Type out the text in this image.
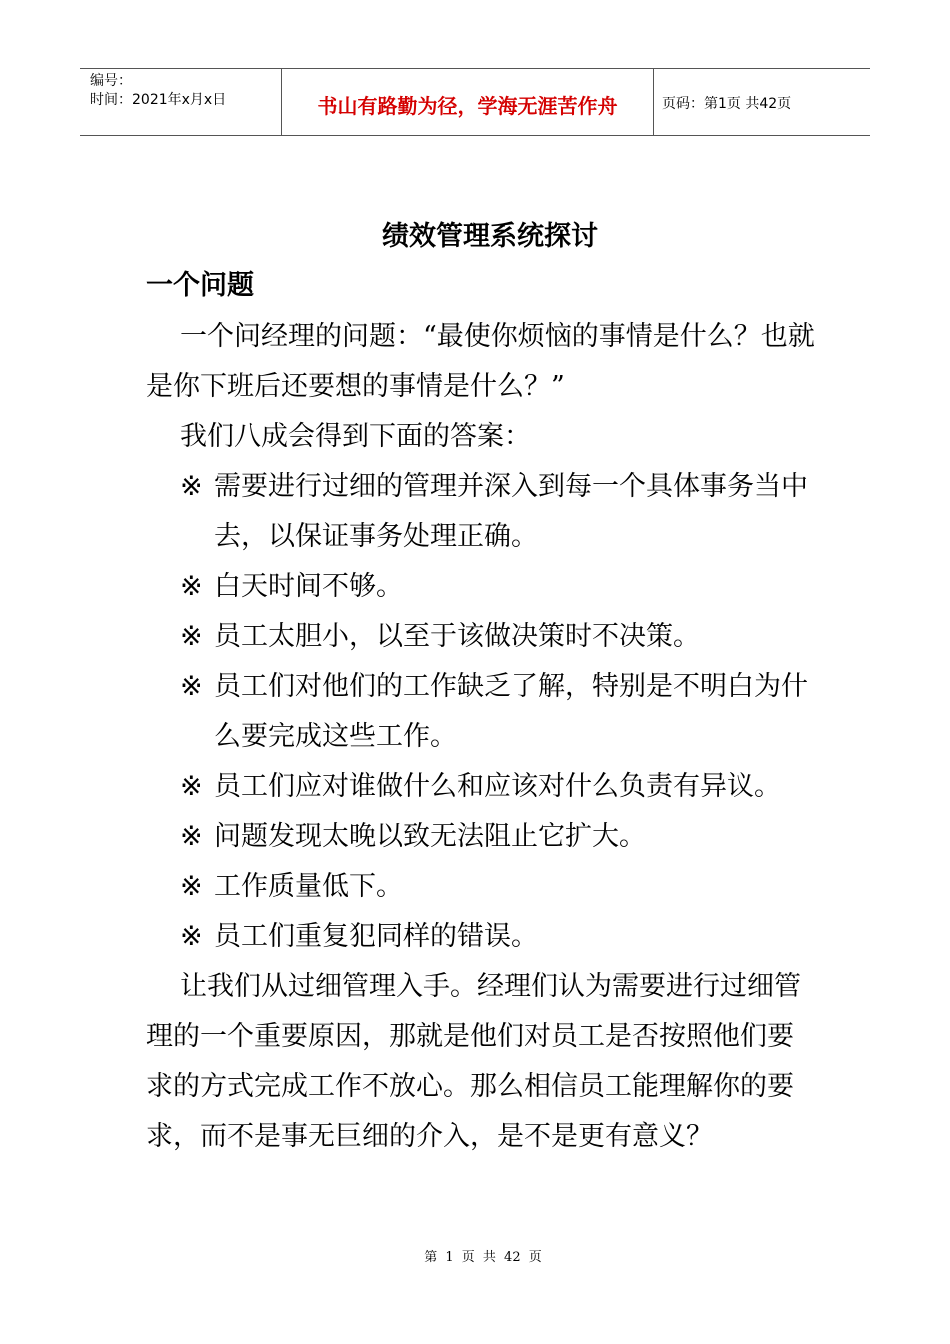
编号：
时间：2021年x月x日	书山有路勤为径，学海无涯苦作舟	页码：第1页 共42页
绩效管理系统探讨
一个问题

一个问经理的问题：“最使你烦恼的事情是什么？也就是你下班后还要想的事情是什么？”

我们八成会得到下面的答案：

※ 需要进行过细的管理并深入到每一个具体事务当中去，以保证事务处理正确。
※ 白天时间不够。
※ 员工太胆小，以至于该做决策时不决策。
※ 员工们对他们的工作缺乏了解，特别是不明白为什么要完成这些工作。
※ 员工们应对谁做什么和应该对什么负责有异议。
※ 问题发现太晚以致无法阻止它扩大。
※ 工作质量低下。
※ 员工们重复犯同样的错误。

让我们从过细管理入手。经理们认为需要进行过细管理的一个重要原因，那就是他们对员工是否按照他们要求的方式完成工作不放心。那么相信员工能理解你的要求，而不是事无巨细的介入，是不是更有意义？

第 1 页 共 42 页
